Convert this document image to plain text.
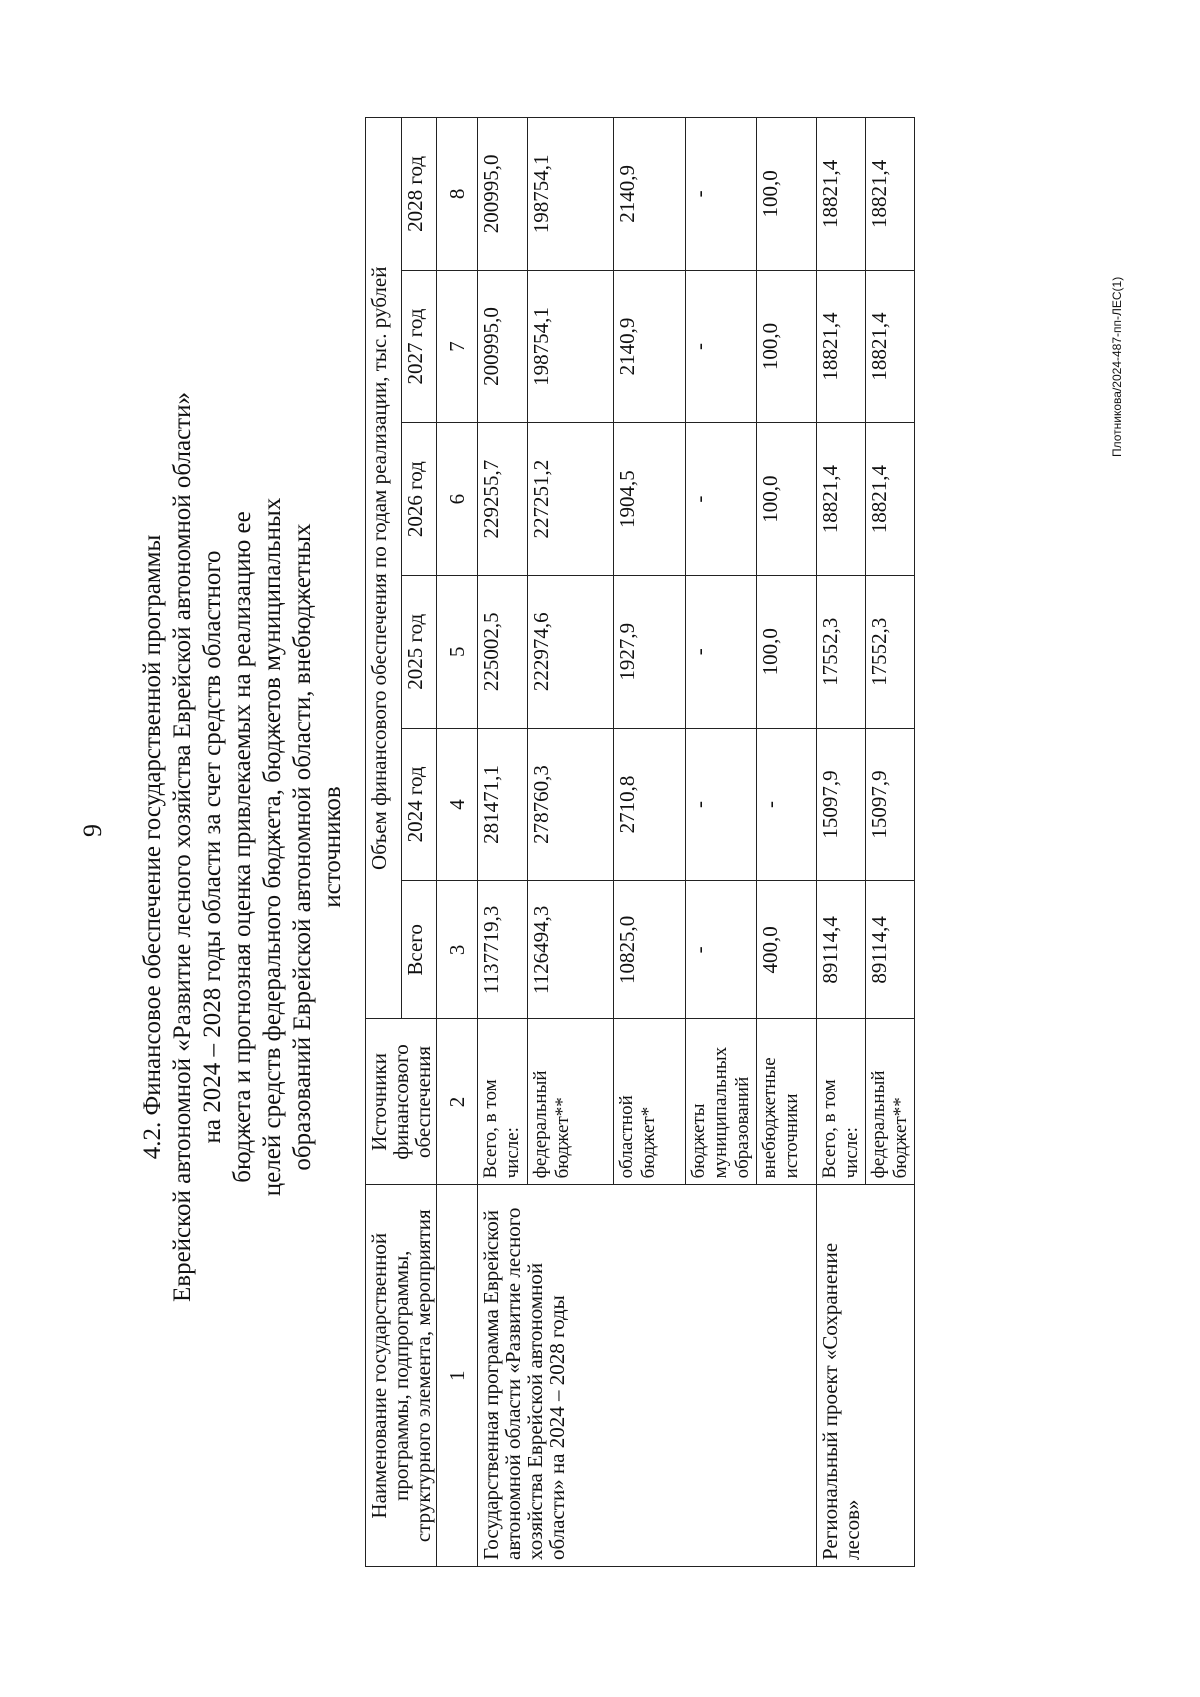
9 4.2. Финансовое обеспечение государственной программы Еврейской автономной «Развитие лесного хозяйства Еврейской автономной области» на 2024 – 2028 годы области за счет средств областного бюджета и прогнозная оценка привлекаемых на реализацию ее целей средств федерального бюджета, бюджетов муниципальных образований Еврейской автономной области, внебюджетных источников
Наименование государственной программы, подпрограммы, структурного элемента, мероприятия	Источники финансового обеспечения	Объем финансового обеспечения по годам реализации, тыс. рублей					
		Всего	2024 год	2025 год	2026 год	2027 год	2028 год
1	2	3	4	5	6	7	8
Государственная программа Еврейской автономной области «Развитие лесного хозяйства Еврейской автономной области» на 2024 – 2028 годы	Всего, в том числе:	1137719,3	281471,1	225002,5	229255,7	200995,0	200995,0
	федеральный бюджет**	1126494,3	278760,3	222974,6	227251,2	198754,1	198754,1
	областной бюджет*	10825,0	2710,8	1927,9	1904,5	2140,9	2140,9
	бюджеты муниципальных образований	-	-	-	-	-	-
	внебюджетные источники	400,0	-	100,0	100,0	100,0	100,0
Региональный проект «Сохранение лесов»	Всего, в том числе:	89114,4	15097,9	17552,3	18821,4	18821,4	18821,4
	федеральный бюджет**	89114,4	15097,9	17552,3	18821,4	18821,4	18821,4
Плотникова/2024-487-пп-ЛЕС(1)
